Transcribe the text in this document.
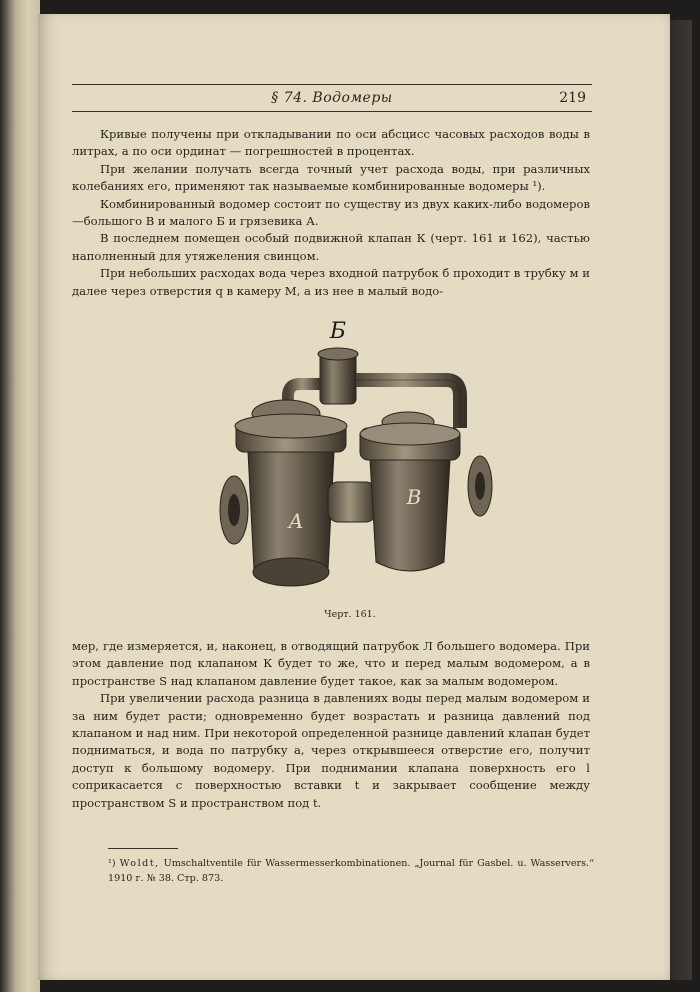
§ 74. Водомеры	219

Кривые получены при откладывании по оси абсцисс часовых расходов воды в литрах, а по оси ординат — погрешностей в процентах.

При желании получать всегда точный учет расхода воды, при различных колебаниях его, применяют так называемые комбинированные водомеры ¹).

Комбинированный водомер состоит по существу из двух каких-либо водомеров—большого В и малого Б и грязевика А.

В последнем помещен особый подвижной клапан К (черт. 161 и 162), частью наполненный для утяжеления свинцом.

При небольших расходах вода через входной патрубок б проходит в трубку м и далее через отверстия q в камеру М, а из нее в малый водо-

Б
А
В
Черт. 161.

мер, где измеряется, и, наконец, в отводящий патрубок Л большего водомера. При этом давление под клапаном К будет то же, что и перед малым водомером, а в пространстве S над клапаном давление будет такое, как за малым водомером.

При увеличении расхода разница в давлениях воды перед малым водомером и за ним будет расти; одновременно будет возрастать и разница давлений под клапаном и над ним. При некоторой определенной разнице давлений клапан будет подниматься, и вода по патрубку а, через открывшееся отверстие его, получит доступ к большому водомеру. При поднимании клапана поверхность его l соприкасается с поверхностью вставки t и закрывает сообщение между пространством S и пространством под t.

¹) Woldt, Umschaltventile für Wassermesserkombinationen. „Journal für Gasbel. u. Wasservers.“ 1910 г. № 38. Стр. 873.
